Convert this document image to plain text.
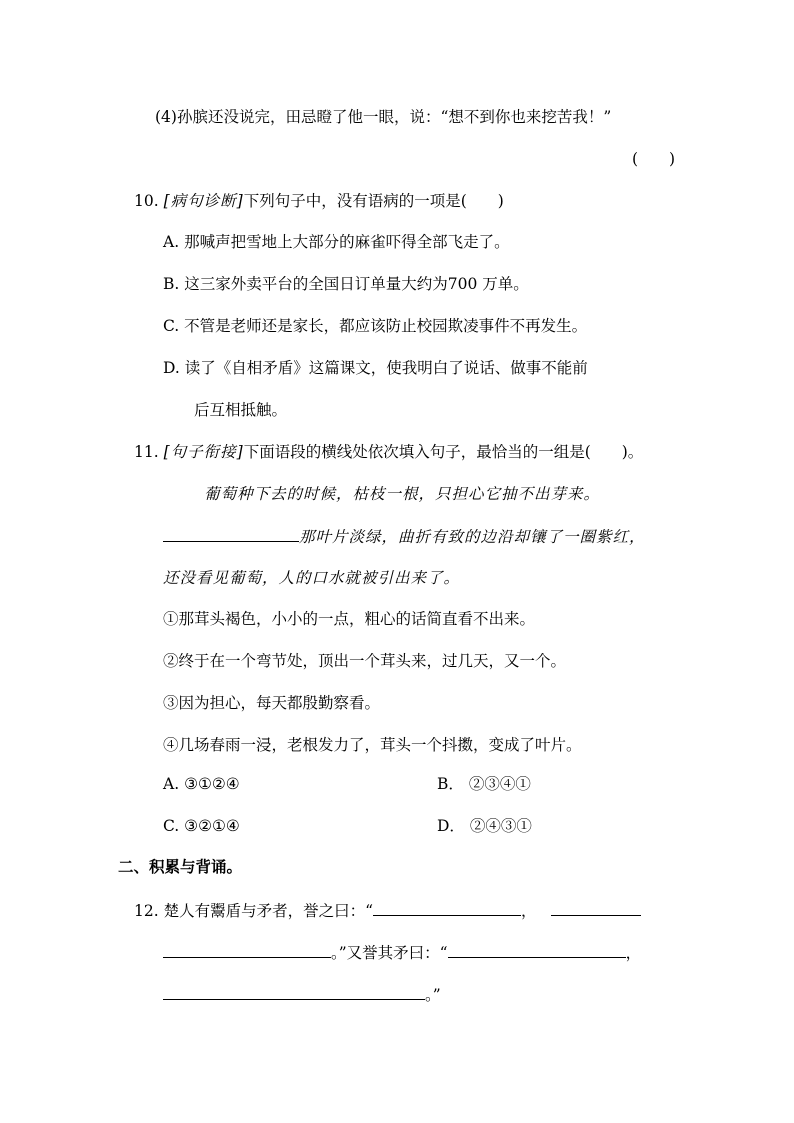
(4)孙膑还没说完，田忌瞪了他一眼，说：“想不到你也来挖苦我！”
(　　)
10. [病句诊断]下列句子中，没有语病的一项是(　　)
A. 那喊声把雪地上大部分的麻雀吓得全部飞走了。
B. 这三家外卖平台的全国日订单量大约为700 万单。
C. 不管是老师还是家长，都应该防止校园欺凌事件不再发生。
D. 读了《自相矛盾》这篇课文，使我明白了说话、做事不能前
后互相抵触。
11. [句子衔接]下面语段的横线处依次填入句子，最恰当的一组是(　　)。
葡萄种下去的时候，枯枝一根，只担心它抽不出芽来。
那叶片淡绿，曲折有致的边沿却镶了一圈紫红，
还没看见葡萄，人的口水就被引出来了。
①那茸头褐色，小小的一点，粗心的话简直看不出来。
②终于在一个弯节处，顶出一个茸头来，过几天，又一个。
③因为担心，每天都殷勤察看。
④几场春雨一浸，老根发力了，茸头一个抖擞，变成了叶片。
A. ③①②④	B． ②③④①
C. ③②①④	D． ②④③①
二、积累与背诵。
12. 楚人有鬻盾与矛者，誉之曰：“	，
。”又誉其矛曰：“	，
。”
